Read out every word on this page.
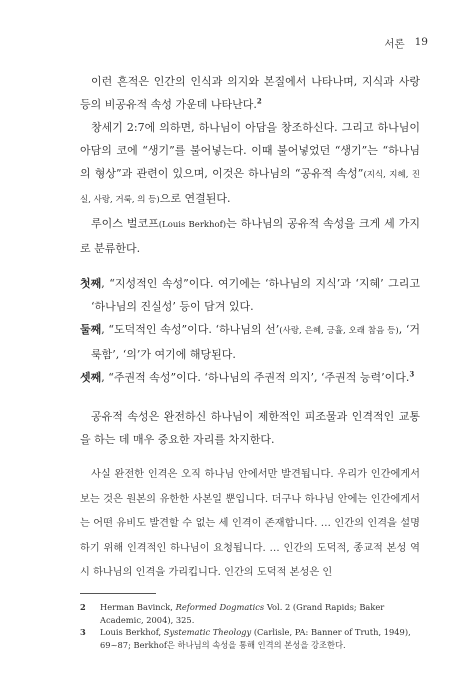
서론 19

이런 흔적은 인간의 인식과 의지와 본질에서 나타나며, 지식과 사랑 등의 비공유적 속성 가운데 나타난다.$^2$

창세기 2:7에 의하면, 하나님이 아담을 창조하신다. 그리고 하나님이 아담의 코에 “생기”를 불어넣는다. 이때 불어넣었던 “생기”는 “하나님의 형상”과 관련이 있으며, 이것은 하나님의 “공유적 속성”(지식, 지혜, 진실, 사랑, 거룩, 의 등)으로 연결된다.

루이스 벌코프(Louis Berkhof)는 하나님의 공유적 속성을 크게 세 가지로 분류한다.

첫째, “지성적인 속성”이다. 여기에는 ‘하나님의 지식’과 ‘지혜’ 그리고 ‘하나님의 진실성’ 등이 담겨 있다.

둘째, “도덕적인 속성”이다. ‘하나님의 선’(사랑, 은혜, 긍휼, 오래 참음 등), ‘거룩함’, ‘의’가 여기에 해당된다.

셋째, “주권적 속성”이다. ‘하나님의 주권적 의지’, ‘주권적 능력’이다.$^3$

공유적 속성은 완전하신 하나님이 제한적인 피조물과 인격적인 교통을 하는 데 매우 중요한 자리를 차지한다.

사실 완전한 인격은 오직 하나님 안에서만 발견됩니다. 우리가 인간에게서 보는 것은 원본의 유한한 사본일 뿐입니다. 더구나 하나님 안에는 인간에게서는 어떤 유비도 발견할 수 없는 세 인격이 존재합니다. … 인간의 인격을 설명하기 위해 인격적인 하나님이 요청됩니다. … 인간의 도덕적, 종교적 본성 역시 하나님의 인격을 가리킵니다. 인간의 도덕적 본성은 인

2	Herman Bavinck, Reformed Dogmatics Vol. 2 (Grand Rapids; Baker Academic, 2004), 325.
3	Louis Berkhof, Systematic Theology (Carlisle, PA: Banner of Truth, 1949), 69~87; Berkhof은 하나님의 속성을 통해 인격의 본성을 강조한다.
